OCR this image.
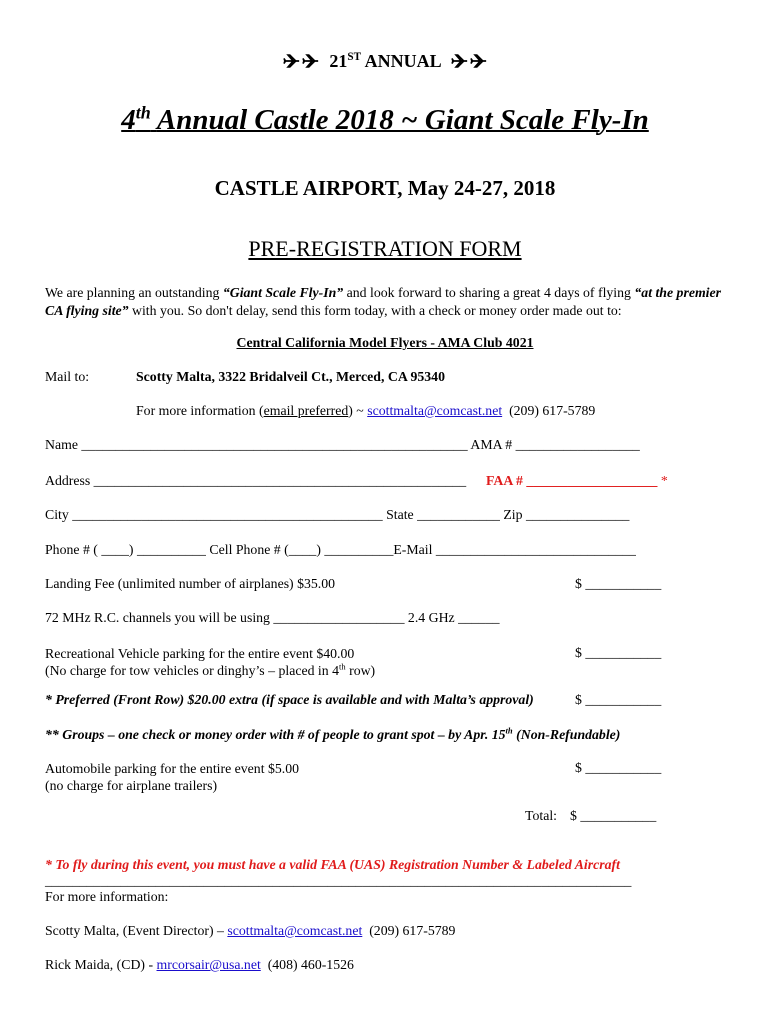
21ST ANNUAL
4th Annual Castle 2018 ~ Giant Scale Fly-In
CASTLE AIRPORT, May 24-27, 2018
PRE-REGISTRATION FORM
We are planning an outstanding “Giant Scale Fly-In” and look forward to sharing a great 4 days of flying “at the premier CA flying site” with you. So don't delay, send this form today, with a check or money order made out to:
Central California Model Flyers - AMA Club 4021
Mail to:	Scotty Malta, 3322 Bridalveil Ct., Merced, CA 95340
For more information (email preferred) ~ scottmalta@comcast.net (209) 617-5789
Name ________________________________________________________ AMA # __________________
Address ______________________________________________________ FAA # ___________________ *
City _____________________________________________ State ____________ Zip _______________
Phone # ( ____) __________ Cell Phone # (____) __________E-Mail _____________________________
Landing Fee (unlimited number of airplanes) $35.00	$ ___________
72 MHz R.C. channels you will be using ___________________ 2.4 GHz ______
Recreational Vehicle parking for the entire event $40.00
(No charge for tow vehicles or dinghy’s – placed in 4th row)
$ ___________
* Preferred (Front Row) $20.00 extra (if space is available and with Malta’s approval)	$ ___________
** Groups – one check or money order with # of people to grant spot – by Apr. 15th (Non-Refundable)
Automobile parking for the entire event $5.00
(no charge for airplane trailers)
$ ___________
Total: $ ___________
* To fly during this event, you must have a valid FAA (UAS) Registration Number & Labeled Aircraft
_____________________________________________________________________________________
For more information:
Scotty Malta, (Event Director) – scottmalta@comcast.net (209) 617-5789
Rick Maida, (CD) - mrcorsair@usa.net (408) 460-1526
